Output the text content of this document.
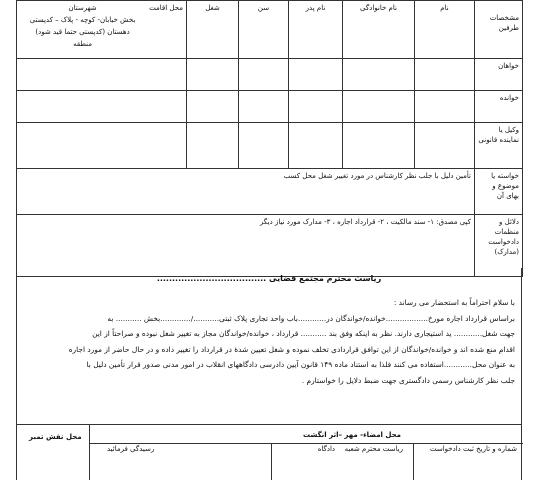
مشخصات طرفین	نام	نام خانوادگی	نام پدر	سن	شغل	محل اقامت
شهرستان
بخش خیابان- کوچه - پلاک – کدپستی
دهستان (کدپستی حتما قید شود)
منطقه

خواهان						
خوانده						
وکیل یا نماینده قانونی						
خواسته یا موضوع و بهای آن	تأمین دلیل با جلب نظر کارشناس در مورد تغییر شغل محل کسب					
دلائل و منظمات دادخواست (مدارک)	کپی مصدق: ۱- سند مالکیت ، ۲- قرارداد اجاره ، ۳- مدارک مورد نیاز دیگر					
ریاست محترم مجتمع قضایی ....................................
با سلام احتراماً به استحضار می رساند :
براساس قرارداد اجاره مورخ..................خوانده/خواندگان در............باب واحد تجاری پلاک ثبتی.........../.............بخش ........... به
جهت شغل............ ید استیجاری دارند. نظر به اینکه وفق بند ........... قرارداد ، خوانده/خواندگان مجاز به تغییر شغل نبوده و صراحتاً از این
اقدام منع شده اند و خوانده/خواندگان از این توافق قراردادی تخلف نموده و شغل تعیین شدۀ در قرارداد را تغییر داده و در حال حاضر از مورد اجاره
به عنوان محل............استفاده می کنند فلذا به استناد ماده ۱۴۹ قانون آیین دادرسی دادگاههای انقلاب در امور مدنی صدور قرار تأمین دلیل با
جلب نظر کارشناس رسمی دادگستری جهت ضبط دلایل را خواستارم .
محل نقش تمبر	محل امضاء- مهر –اثر انگشت
شماره و تاریخ ثبت دادخواست
ریاست محترم شعبه
دادگاه
رسیدگی فرمائید
